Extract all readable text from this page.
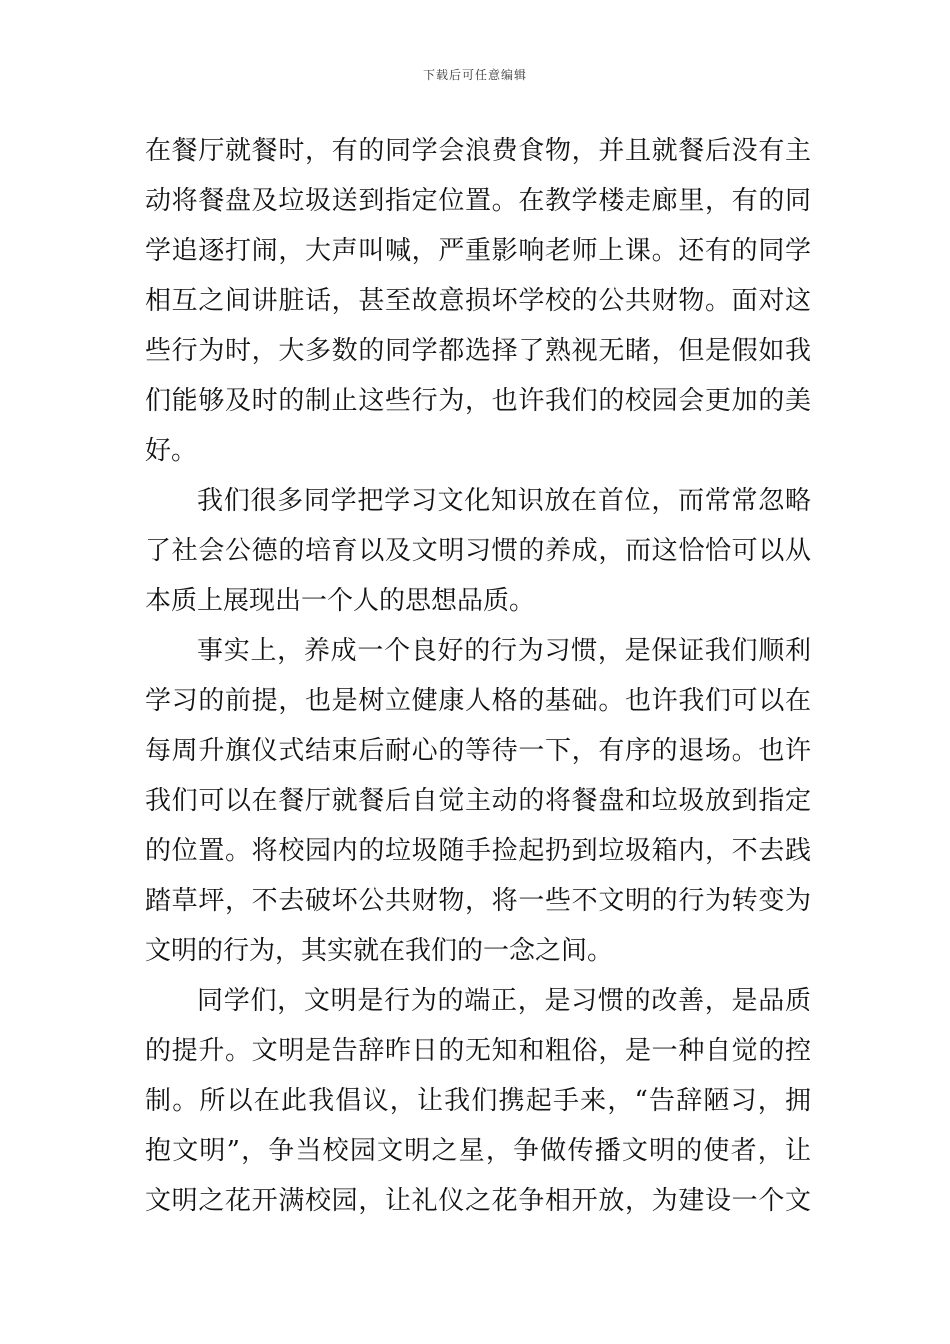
下载后可任意编辑
在餐厅就餐时，有的同学会浪费食物，并且就餐后没有主
动将餐盘及垃圾送到指定位置。在教学楼走廊里，有的同
学追逐打闹，大声叫喊，严重影响老师上课。还有的同学
相互之间讲脏话，甚至故意损坏学校的公共财物。面对这
些行为时，大多数的同学都选择了熟视无睹，但是假如我
们能够及时的制止这些行为，也许我们的校园会更加的美
好。
我们很多同学把学习文化知识放在首位，而常常忽略
了社会公德的培育以及文明习惯的养成，而这恰恰可以从
本质上展现出一个人的思想品质。
事实上，养成一个良好的行为习惯，是保证我们顺利
学习的前提，也是树立健康人格的基础。也许我们可以在
每周升旗仪式结束后耐心的等待一下，有序的退场。也许
我们可以在餐厅就餐后自觉主动的将餐盘和垃圾放到指定
的位置。将校园内的垃圾随手捡起扔到垃圾箱内，不去践
踏草坪，不去破坏公共财物，将一些不文明的行为转变为
文明的行为，其实就在我们的一念之间。
同学们，文明是行为的端正，是习惯的改善，是品质
的提升。文明是告辞昨日的无知和粗俗，是一种自觉的控
制。所以在此我倡议，让我们携起手来，“告辞陋习，拥
抱文明”，争当校园文明之星，争做传播文明的使者，让
文明之花开满校园，让礼仪之花争相开放，为建设一个文
